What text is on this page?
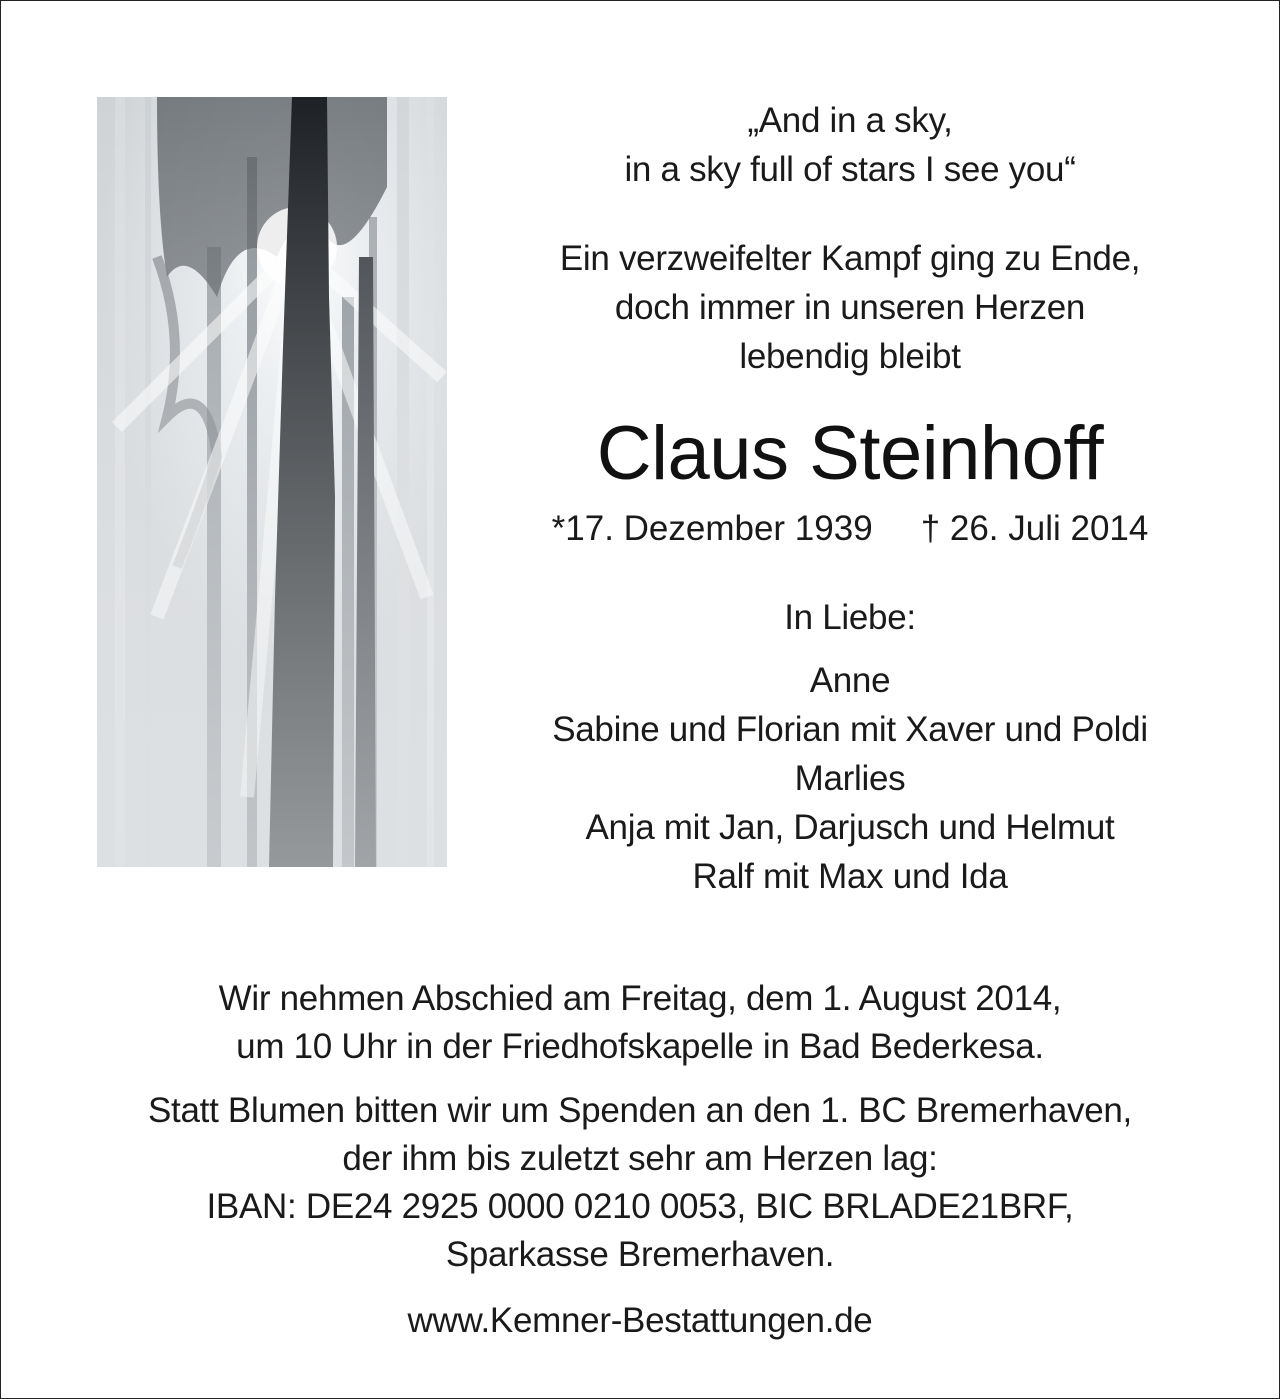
„And in a sky,
in a sky full of stars I see you“
Ein verzweifelter Kampf ging zu Ende,
doch immer in unseren Herzen
lebendig bleibt
Claus Steinhoff
*17. Dezember 1939 † 26. Juli 2014
In Liebe:
Anne
Sabine und Florian mit Xaver und Poldi
Marlies
Anja mit Jan, Darjusch und Helmut
Ralf mit Max und Ida
Wir nehmen Abschied am Freitag, dem 1. August 2014,
um 10 Uhr in der Friedhofskapelle in Bad Bederkesa.
Statt Blumen bitten wir um Spenden an den 1. BC Bremerhaven,
der ihm bis zuletzt sehr am Herzen lag:
IBAN: DE24 2925 0000 0210 0053, BIC BRLADE21BRF,
Sparkasse Bremerhaven.
www.Kemner-Bestattungen.de
